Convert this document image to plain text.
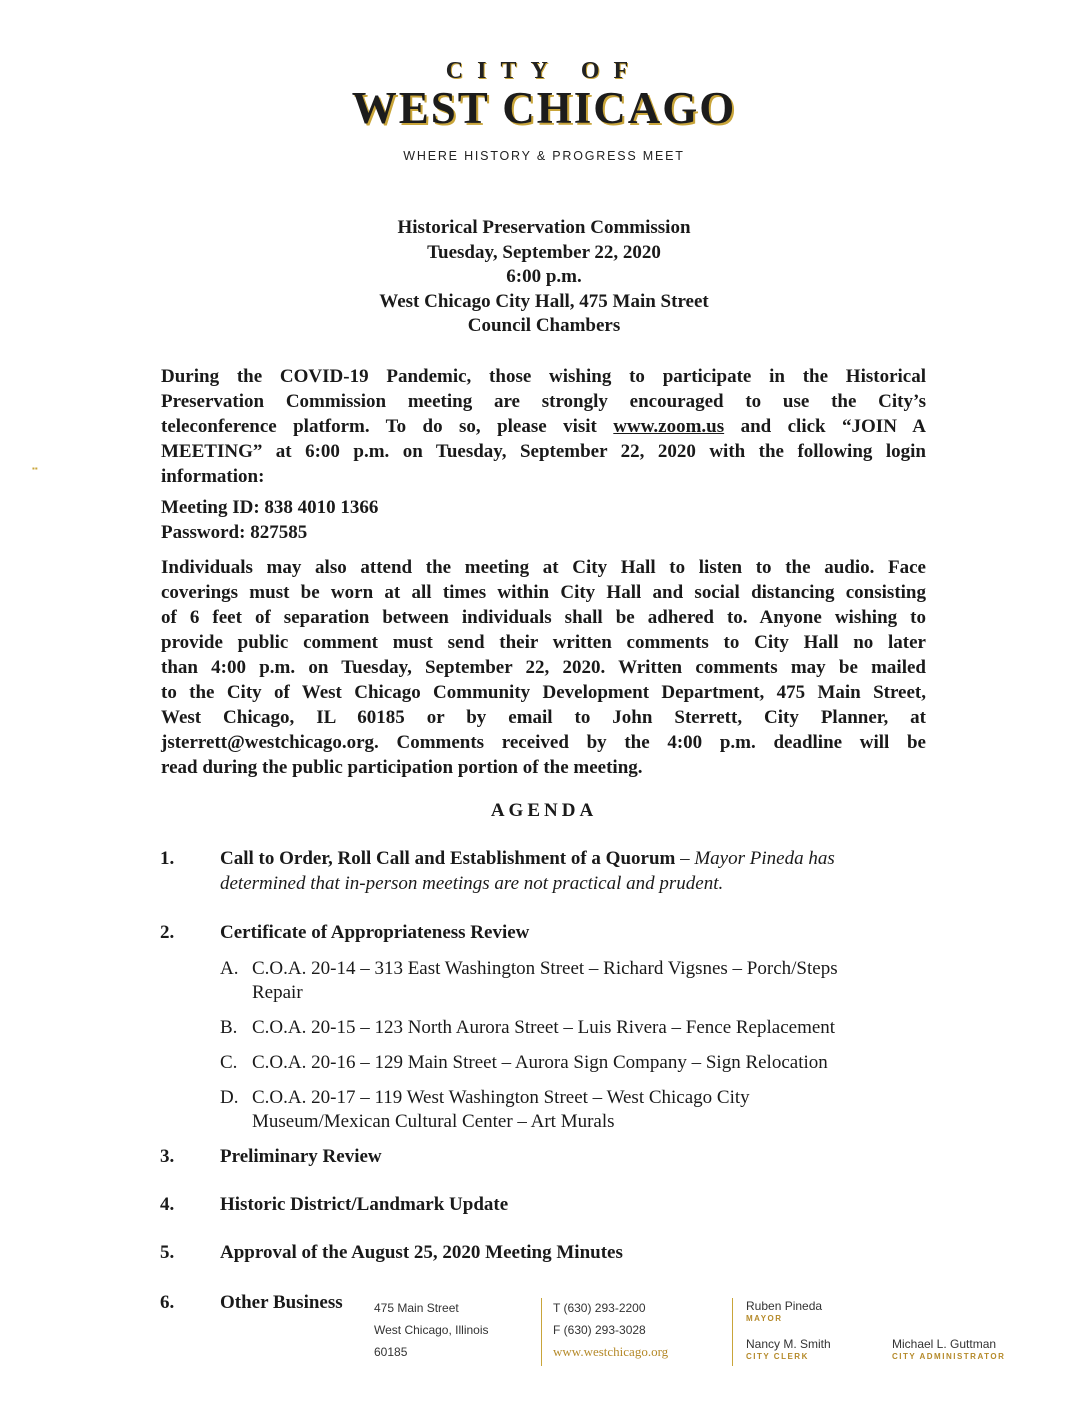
CITY OF
WEST CHICAGO
WHERE HISTORY & PROGRESS MEET
Historical Preservation Commission
Tuesday, September 22, 2020
6:00 p.m.
West Chicago City Hall, 475 Main Street
Council Chambers
▪▪
During the COVID-19 Pandemic, those wishing to participate in the Historical
Preservation Commission meeting are strongly encouraged to use the City’s
teleconference platform. To do so, please visit www.zoom.us and click “JOIN A
MEETING” at 6:00 p.m. on Tuesday, September 22, 2020 with the following login
information:
Meeting ID: 838 4010 1366
Password: 827585
Individuals may also attend the meeting at City Hall to listen to the audio. Face
coverings must be worn at all times within City Hall and social distancing consisting
of 6 feet of separation between individuals shall be adhered to. Anyone wishing to
provide public comment must send their written comments to City Hall no later
than 4:00 p.m. on Tuesday, September 22, 2020. Written comments may be mailed
to the City of West Chicago Community Development Department, 475 Main Street,
West Chicago, IL 60185 or by email to John Sterrett, City Planner, at
jsterrett@westchicago.org. Comments received by the 4:00 p.m. deadline will be
read during the public participation portion of the meeting.
AGENDA
1. Call to Order, Roll Call and Establishment of a Quorum – Mayor Pineda has
determined that in-person meetings are not practical and prudent.
2. Certificate of Appropriateness Review
A. C.O.A. 20-14 – 313 East Washington Street – Richard Vigsnes – Porch/Steps
Repair
B. C.O.A. 20-15 – 123 North Aurora Street – Luis Rivera – Fence Replacement
C. C.O.A. 20-16 – 129 Main Street – Aurora Sign Company – Sign Relocation
D. C.O.A. 20-17 – 119 West Washington Street – West Chicago City
Museum/Mexican Cultural Center – Art Murals
3. Preliminary Review
4. Historic District/Landmark Update
5. Approval of the August 25, 2020 Meeting Minutes
6. Other Business	475 Main Street
West Chicago, Illinois
60185
T (630) 293-2200
F (630) 293-3028
www.westchicago.org
Ruben Pineda
MAYOR
Nancy M. Smith
CITY CLERK
Michael L. Guttman
CITY ADMINISTRATOR
